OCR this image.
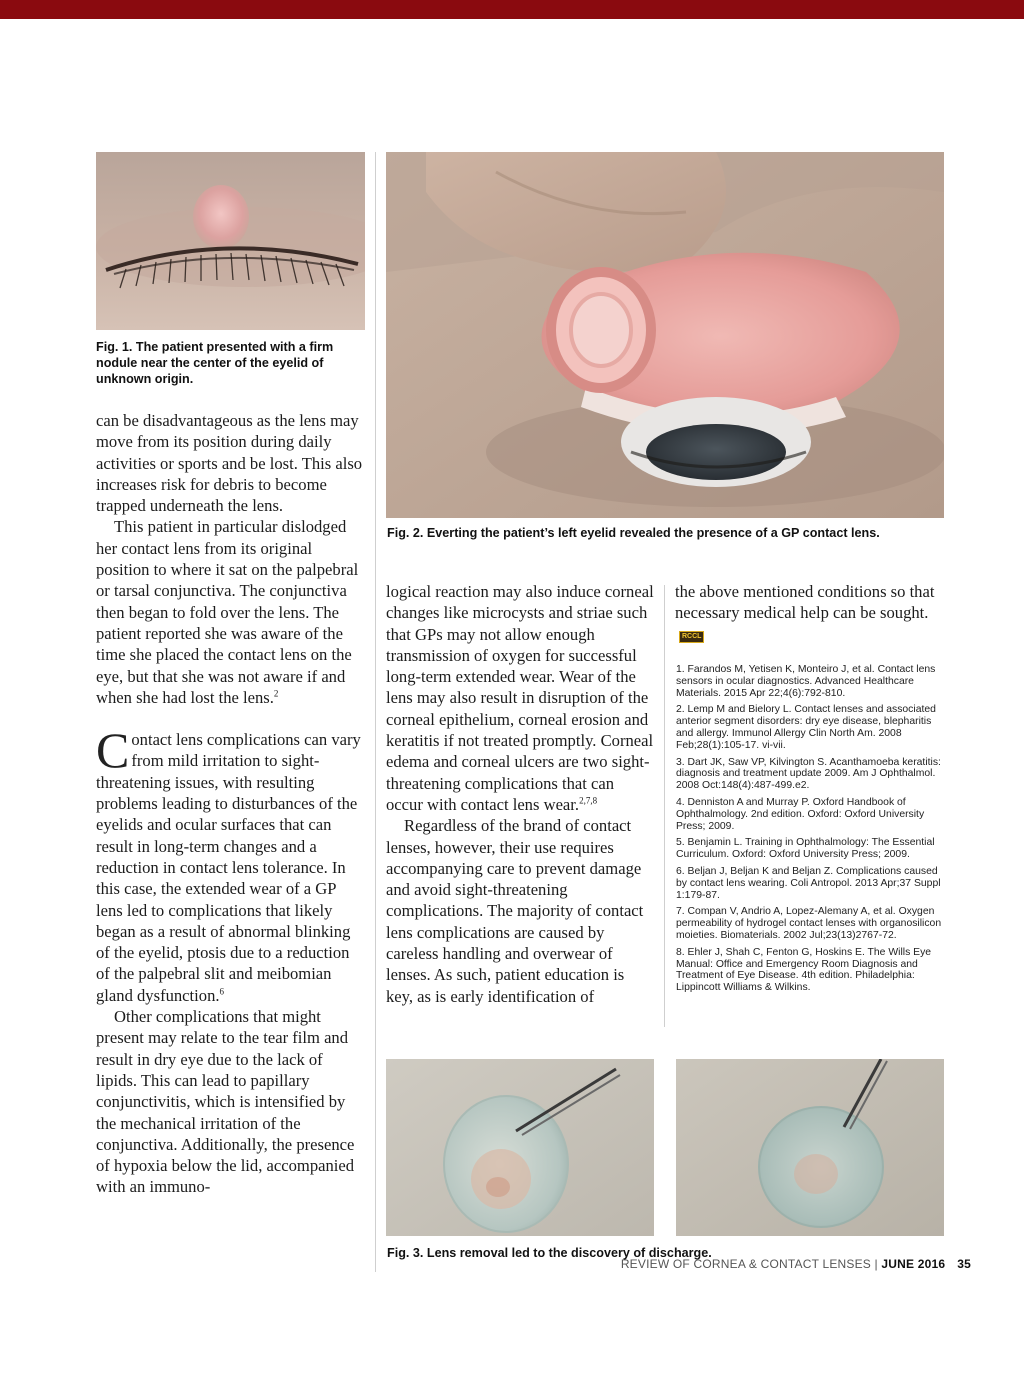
Fig. 1. The patient presented with a firm nodule near the center of the eyelid of unknown origin.

can be disadvantageous as the lens may move from its position during daily activities or sports and be lost. This also increases risk for debris to become trapped underneath the lens.

This patient in particular dislodged her contact lens from its original position to where it sat on the palpebral or tarsal conjunctiva. The conjunctiva then began to fold over the lens. The patient reported she was aware of the time she placed the contact lens on the eye, but that she was not aware if and when she had lost the lens.$^2$

Contact lens complications can vary from mild irritation to sight-threatening issues, with resulting problems leading to disturbances of the eyelids and ocular surfaces that can result in long-term changes and a reduction in contact lens tolerance. In this case, the extended wear of a GP lens led to complications that likely began as a result of abnormal blinking of the eyelid, ptosis due to a reduction of the palpebral slit and meibomian gland dysfunction.$^6$

Other complications that might present may relate to the tear film and result in dry eye due to the lack of lipids. This can lead to papillary conjunctivitis, which is intensified by the mechanical irritation of the conjunctiva. Additionally, the presence of hypoxia below the lid, accompanied with an immuno-

Fig. 2. Everting the patient’s left eyelid revealed the presence of a GP contact lens.

logical reaction may also induce corneal changes like microcysts and striae such that GPs may not allow enough transmission of oxygen for successful long-term extended wear. Wear of the lens may also result in disruption of the corneal epithelium, corneal erosion and keratitis if not treated promptly. Corneal edema and corneal ulcers are two sight-threatening complications that can occur with contact lens wear.$^{2,7,8}$

Regardless of the brand of contact lenses, however, their use requires accompanying care to prevent damage and avoid sight-threatening complications. The majority of contact lens complications are caused by careless handling and overwear of lenses. As such, patient education is key, as is early identification of

the above mentioned conditions so that necessary medical help can be sought.RCCL

1. Farandos M, Yetisen K, Monteiro J, et al. Contact lens sensors in ocular diagnostics. Advanced Healthcare Materials. 2015 Apr 22;4(6):792-810.
2. Lemp M and Bielory L. Contact lenses and associated anterior segment disorders: dry eye disease, blepharitis and allergy. Immunol Allergy Clin North Am. 2008 Feb;28(1):105-17. vi-vii.
3. Dart JK, Saw VP, Kilvington S. Acanthamoeba keratitis: diagnosis and treatment update 2009. Am J Ophthalmol. 2008 Oct:148(4):487-499.e2.
4. Denniston A and Murray P. Oxford Handbook of Ophthalmology. 2nd edition. Oxford: Oxford University Press; 2009.
5. Benjamin L. Training in Ophthalmology: The Essential Curriculum. Oxford: Oxford University Press; 2009.
6. Beljan J, Beljan K and Beljan Z. Complications caused by contact lens wearing. Coli Antropol. 2013 Apr;37 Suppl 1:179-87.
7. Compan V, Andrio A, Lopez-Alemany A, et al. Oxygen permeability of hydrogel contact lenses with organosilicon moieties. Biomaterials. 2002 Jul;23(13)2767-72.
8. Ehler J, Shah C, Fenton G, Hoskins E. The Wills Eye Manual: Office and Emergency Room Diagnosis and Treatment of Eye Disease. 4th edition. Philadelphia: Lippincott Williams & Wilkins.
Fig. 3. Lens removal led to the discovery of discharge.
REVIEW OF CORNEA & CONTACT LENSES | JUNE 2016 35
